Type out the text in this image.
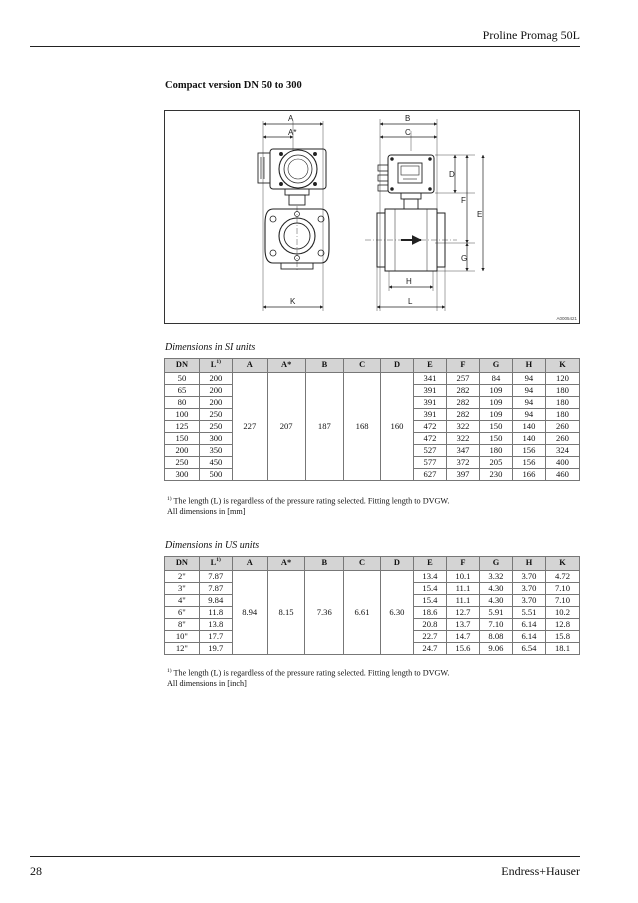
Proline Promag 50L
Compact version DN 50 to 300
A
A*
K
B
C
D
F
E
G
H
L
A0005421
Dimensions in SI units
DN	$L^{1)}$	A	A*	B	C	D	E	F	G	H	K
50	200	227	207	187	168	160	341	257	84	94	120
65	200						391	282	109	94	180
80	200						391	282	109	94	180
100	250						391	282	109	94	180
125	250						472	322	150	140	260
150	300						472	322	150	140	260
200	350						527	347	180	156	324
250	450						577	372	205	156	400
300	500						627	397	230	166	460
$^{1)}$ The length (L) is regardless of the pressure rating selected. Fitting length to DVGW.
All dimensions in [mm]
Dimensions in US units
DN	$L^{1)}$	A	A*	B	C	D	E	F	G	H	K
2"	7.87	8.94	8.15	7.36	6.61	6.30	13.4	10.1	3.32	3.70	4.72
3"	7.87						15.4	11.1	4.30	3.70	7.10
4"	9.84						15.4	11.1	4.30	3.70	7.10
6"	11.8						18.6	12.7	5.91	5.51	10.2
8"	13.8						20.8	13.7	7.10	6.14	12.8
10"	17.7						22.7	14.7	8.08	6.14	15.8
12"	19.7						24.7	15.6	9.06	6.54	18.1
$^{1)}$ The length (L) is regardless of the pressure rating selected. Fitting length to DVGW.
All dimensions in [inch]
28	Endress+Hauser
